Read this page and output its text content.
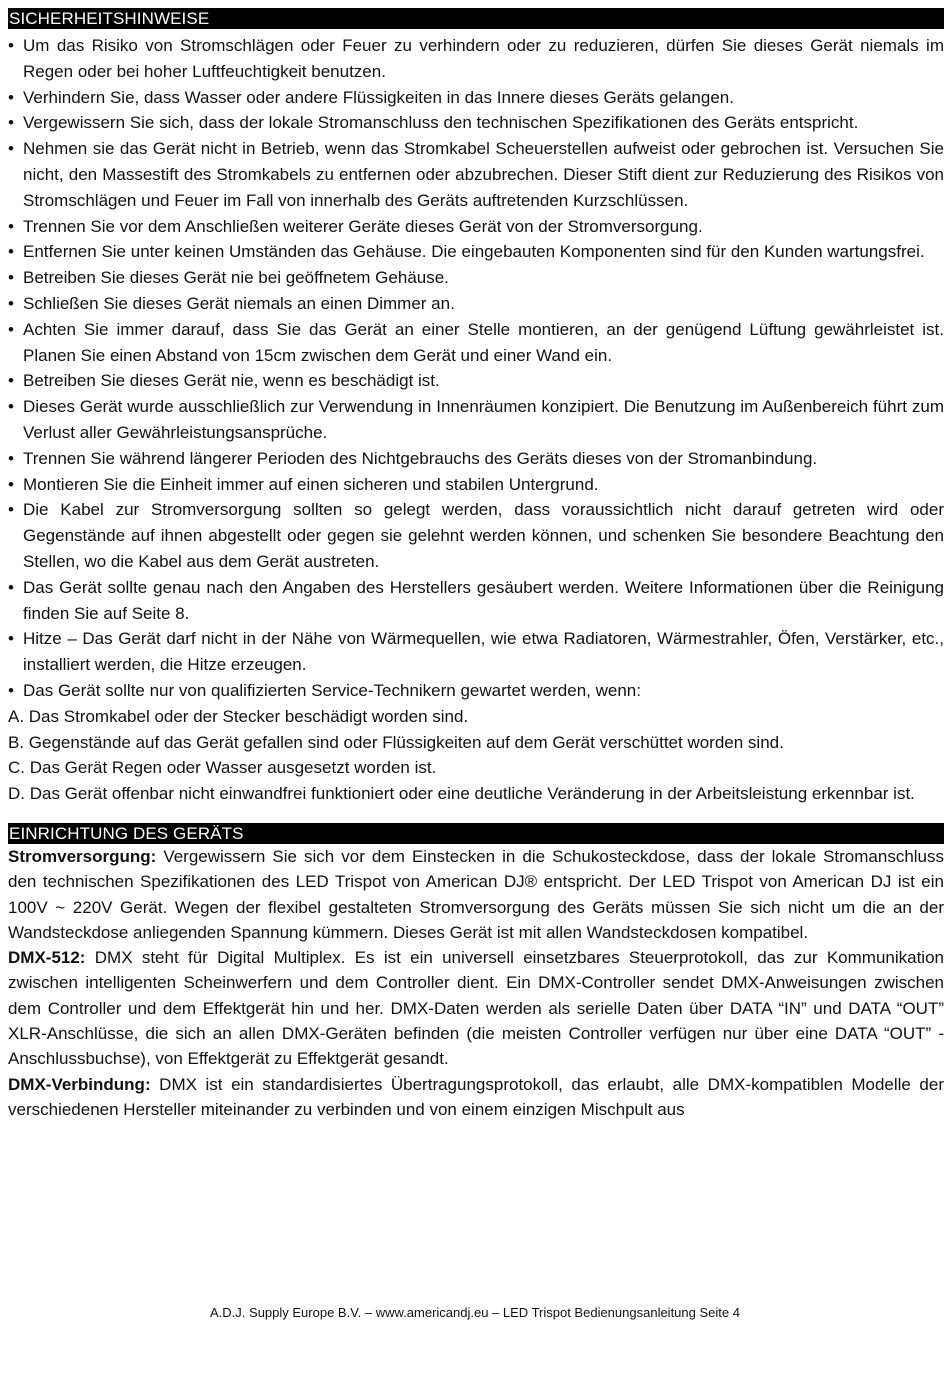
SICHERHEITSHINWEISE
• Um das Risiko von Stromschlägen oder Feuer zu verhindern oder zu reduzieren, dürfen Sie dieses Gerät niemals im Regen oder bei hoher Luftfeuchtigkeit benutzen.
• Verhindern Sie, dass Wasser oder andere Flüssigkeiten in das Innere dieses Geräts gelangen.
• Vergewissern Sie sich, dass der lokale Stromanschluss den technischen Spezifikationen des Geräts entspricht.
• Nehmen sie das Gerät nicht in Betrieb, wenn das Stromkabel Scheuerstellen aufweist oder gebrochen ist. Versuchen Sie nicht, den Massestift des Stromkabels zu entfernen oder abzubrechen. Dieser Stift dient zur Reduzierung des Risikos von Stromschlägen und Feuer im Fall von innerhalb des Geräts auftretenden Kurzschlüssen.
• Trennen Sie vor dem Anschließen weiterer Geräte dieses Gerät von der Stromversorgung.
• Entfernen Sie unter keinen Umständen das Gehäuse. Die eingebauten Komponenten sind für den Kunden wartungsfrei.
• Betreiben Sie dieses Gerät nie bei geöffnetem Gehäuse.
• Schließen Sie dieses Gerät niemals an einen Dimmer an.
• Achten Sie immer darauf, dass Sie das Gerät an einer Stelle montieren, an der genügend Lüftung gewährleistet ist. Planen Sie einen Abstand von 15cm zwischen dem Gerät und einer Wand ein.
• Betreiben Sie dieses Gerät nie, wenn es beschädigt ist.
• Dieses Gerät wurde ausschließlich zur Verwendung in Innenräumen konzipiert. Die Benutzung im Außenbereich führt zum Verlust aller Gewährleistungsansprüche.
• Trennen Sie während längerer Perioden des Nichtgebrauchs des Geräts dieses von der Stromanbindung.
• Montieren Sie die Einheit immer auf einen sicheren und stabilen Untergrund.
• Die Kabel zur Stromversorgung sollten so gelegt werden, dass voraussichtlich nicht darauf getreten wird oder Gegenstände auf ihnen abgestellt oder gegen sie gelehnt werden können, und schenken Sie besondere Beachtung den Stellen, wo die Kabel aus dem Gerät austreten.
• Das Gerät sollte genau nach den Angaben des Herstellers gesäubert werden. Weitere Informationen über die Reinigung finden Sie auf Seite 8.
• Hitze – Das Gerät darf nicht in der Nähe von Wärmequellen, wie etwa Radiatoren, Wärmestrahler, Öfen, Verstärker, etc., installiert werden, die Hitze erzeugen.
• Das Gerät sollte nur von qualifizierten Service-Technikern gewartet werden, wenn:

A. Das Stromkabel oder der Stecker beschädigt worden sind.

B. Gegenstände auf das Gerät gefallen sind oder Flüssigkeiten auf dem Gerät verschüttet worden sind.

C. Das Gerät Regen oder Wasser ausgesetzt worden ist.

D. Das Gerät offenbar nicht einwandfrei funktioniert oder eine deutliche Veränderung in der Arbeitsleistung erkennbar ist.

EINRICHTUNG DES GERÄTS

Stromversorgung: Vergewissern Sie sich vor dem Einstecken in die Schukosteckdose, dass der lokale Stromanschluss den technischen Spezifikationen des LED Trispot von American DJ® entspricht. Der LED Trispot von American DJ ist ein 100V ~ 220V Gerät. Wegen der flexibel gestalteten Stromversorgung des Geräts müssen Sie sich nicht um die an der Wandsteckdose anliegenden Spannung kümmern. Dieses Gerät ist mit allen Wandsteckdosen kompatibel.

DMX-512: DMX steht für Digital Multiplex. Es ist ein universell einsetzbares Steuerprotokoll, das zur Kommunikation zwischen intelligenten Scheinwerfern und dem Controller dient. Ein DMX-Controller sendet DMX-Anweisungen zwischen dem Controller und dem Effektgerät hin und her. DMX-Daten werden als serielle Daten über DATA “IN” und DATA “OUT” XLR-Anschlüsse, die sich an allen DMX-Geräten befinden (die meisten Controller verfügen nur über eine DATA “OUT” - Anschlussbuchse), von Effektgerät zu Effektgerät gesandt.

DMX-Verbindung: DMX ist ein standardisiertes Übertragungsprotokoll, das erlaubt, alle DMX-kompatiblen Modelle der verschiedenen Hersteller miteinander zu verbinden und von einem einzigen Mischpult aus

A.D.J. Supply Europe B.V. – www.americandj.eu – LED Trispot Bedienungsanleitung Seite 4
